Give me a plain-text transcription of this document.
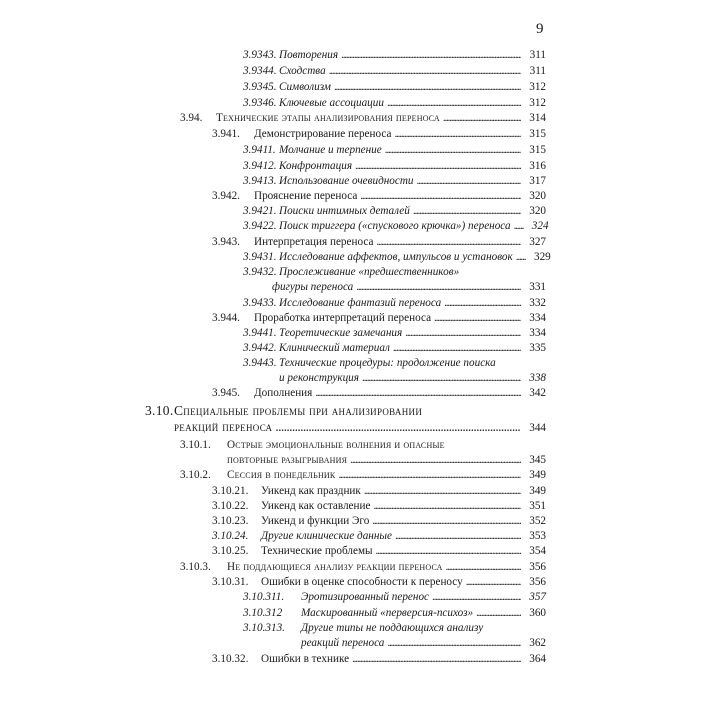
9
3.9343. Повторения . . .	311
3.9344. Сходства . . .	311
3.9345. Символизм . . .	312
3.9346. Ключевые ассоциации . . .	312
3.94.	Технические этапы анализирования переноса . . .	314
3.941.	Демонстрирование переноса . . .	315
3.9411. Молчание и терпение . . .	315
3.9412. Конфронтация . . .	316
3.9413. Использование очевидности . . .	317
3.942.	Прояснение переноса . . .	320
3.9421. Поиски интимных деталей . . .	320
3.9422. Поиск триггера («спускового крючка») переноса . . .	324
3.943.	Интерпретация переноса . . .	327
3.9431. Исследование аффектов, импульсов и установок . . .	329
3.9432. Прослеживание «предшественников»
фигуры переноса . . .	331
3.9433. Исследование фантазий переноса . . .	332
3.944.	Проработка интерпретаций переноса . . .	334
3.9441. Теоретические замечания . . .	334
3.9442. Клинический материал . . .	335
3.9443. Технические процедуры: продолжение поиска
и реконструкция . . .	338
3.945.	Дополнения . . .	342
3.10. Специальные проблемы при анализировании
реакций переноса . . .	344
3.10.1. Острые эмоциональные волнения и опасные
повторные разыгрывания . . .	345
3.10.2.	Сессия в понедельник . . .	349
3.10.21.	Уикенд как праздник . . .	349
3.10.22.	Уикенд как оставление . . .	351
3.10.23.	Уикенд и функции Эго . . .	352
3.10.24.	Другие клинические данные . . .	353
3.10.25.	Технические проблемы . . .	354
3.10.3.	Не поддающиеся анализу реакции переноса . . .	356
3.10.31.	Ошибки в оценке способности к переносу . . .	356
3.10.311.	Эротизированный перенос . . .	357
3.10.312	Маскированный «перверсия-психоз» . . .	360
3.10.313. Другие типы не поддающихся анализу
реакций переноса . . .	362
3.10.32.	Ошибки в технике . . .	364
